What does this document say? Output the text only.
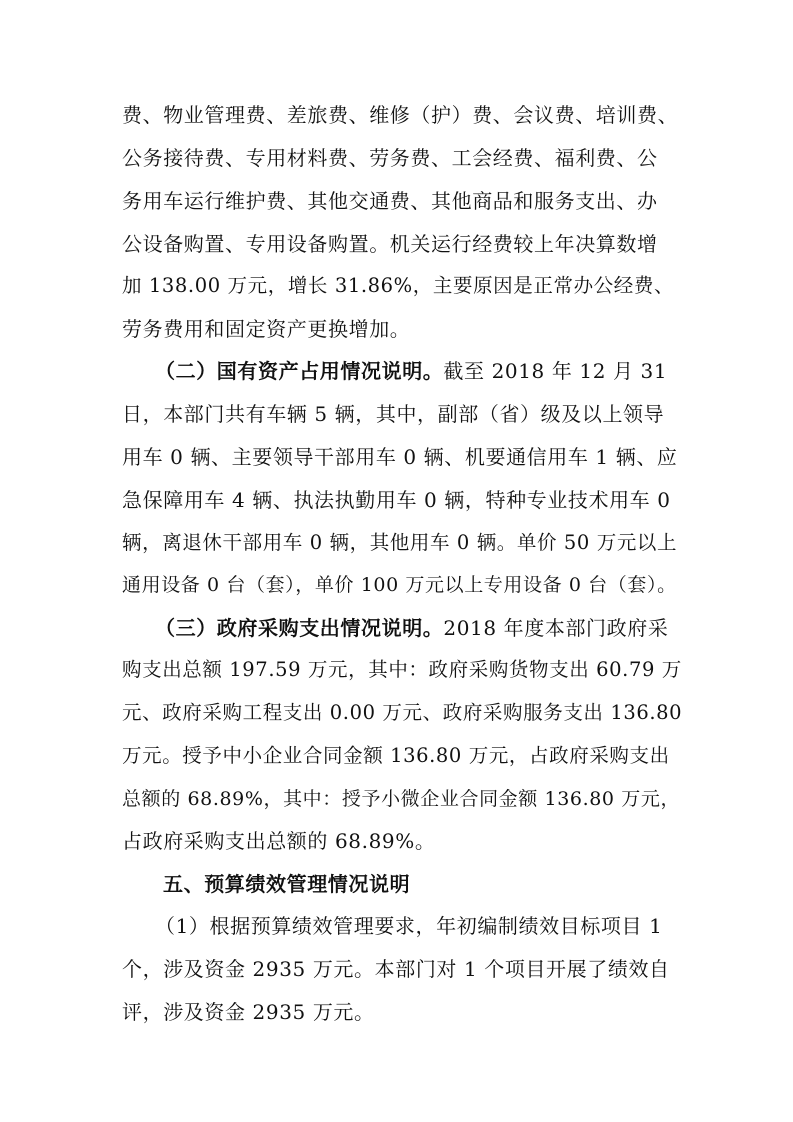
费、物业管理费、差旅费、维修（护）费、会议费、培训费、
公务接待费、专用材料费、劳务费、工会经费、福利费、公
务用车运行维护费、其他交通费、其他商品和服务支出、办
公设备购置、专用设备购置。机关运行经费较上年决算数增
加 138.00 万元，增长 31.86%，主要原因是正常办公经费、
劳务费用和固定资产更换增加。
（二）国有资产占用情况说明。截至 2018 年 12 月 31
日，本部门共有车辆 5 辆，其中，副部（省）级及以上领导
用车 0 辆、主要领导干部用车 0 辆、机要通信用车 1 辆、应
急保障用车 4 辆、执法执勤用车 0 辆，特种专业技术用车 0
辆，离退休干部用车 0 辆，其他用车 0 辆。单价 50 万元以上
通用设备 0 台（套），单价 100 万元以上专用设备 0 台（套）。
（三）政府采购支出情况说明。2018 年度本部门政府采
购支出总额 197.59 万元，其中：政府采购货物支出 60.79 万
元、政府采购工程支出 0.00 万元、政府采购服务支出 136.80
万元。授予中小企业合同金额 136.80 万元，占政府采购支出
总额的 68.89%，其中：授予小微企业合同金额 136.80 万元，
占政府采购支出总额的 68.89%。
五、预算绩效管理情况说明
（1）根据预算绩效管理要求，年初编制绩效目标项目 1
个，涉及资金 2935 万元。本部门对 1 个项目开展了绩效自
评，涉及资金 2935 万元。
